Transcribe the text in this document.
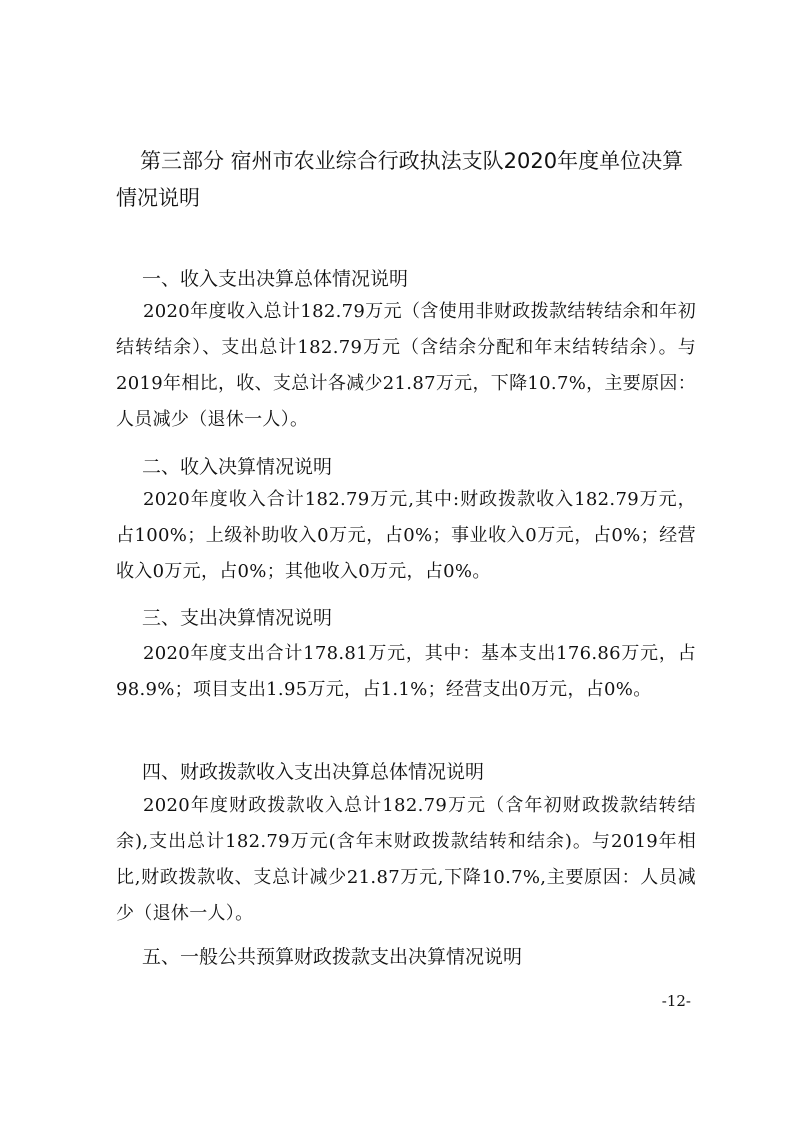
第三部分 宿州市农业综合行政执法支队2020年度单位决算情况说明
一、收入支出决算总体情况说明

2020年度收入总计182.79万元（含使用非财政拨款结转结余和年初结转结余）、支出总计182.79万元（含结余分配和年末结转结余）。与2019年相比，收、支总计各减少21.87万元，下降10.7%，主要原因：人员减少（退休一人）。

二、收入决算情况说明

2020年度收入合计182.79万元,其中:财政拨款收入182.79万元，占100%；上级补助收入0万元，占0%；事业收入0万元，占0%；经营收入0万元，占0%；其他收入0万元，占0%。

三、支出决算情况说明

2020年度支出合计178.81万元，其中：基本支出176.86万元，占98.9%；项目支出1.95万元，占1.1%；经营支出0万元，占0%。

四、财政拨款收入支出决算总体情况说明

2020年度财政拨款收入总计182.79万元（含年初财政拨款结转结余),支出总计182.79万元(含年末财政拨款结转和结余)。与2019年相比,财政拨款收、支总计减少21.87万元,下降10.7%,主要原因：人员减少（退休一人）。

五、一般公共预算财政拨款支出决算情况说明
-12-
